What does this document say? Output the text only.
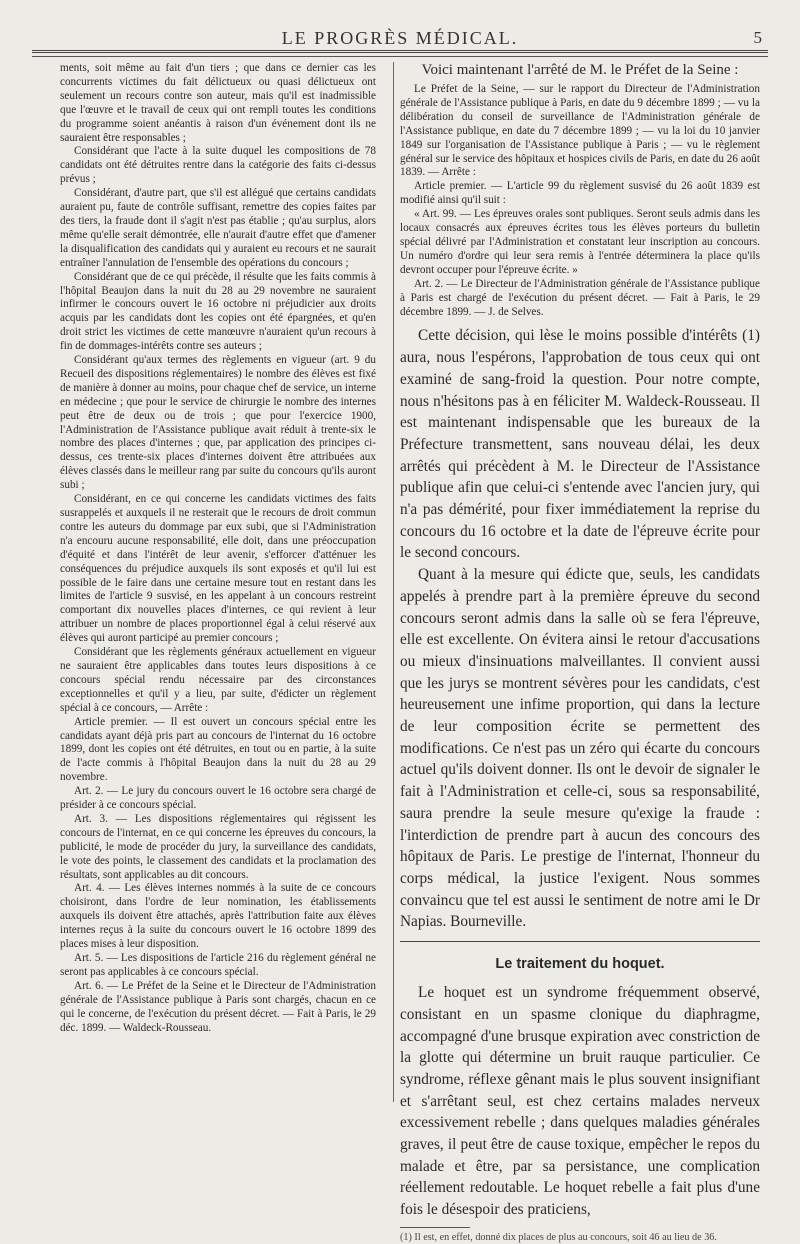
LE PROGRÈS MÉDICAL.	5

ments, soit même au fait d'un tiers ; que dans ce dernier cas les concurrents victimes du fait délictueux ou quasi délictueux ont seulement un recours contre son auteur, mais qu'il est inadmissible que l'œuvre et le travail de ceux qui ont rempli toutes les conditions du programme soient anéantis à raison d'un événement dont ils ne sauraient être responsables ;

Considérant que l'acte à la suite duquel les compositions de 78 candidats ont été détruites rentre dans la catégorie des faits ci-dessus prévus ;

Considérant, d'autre part, que s'il est allégué que certains candidats auraient pu, faute de contrôle suffisant, remettre des copies faites par des tiers, la fraude dont il s'agit n'est pas établie ; qu'au surplus, alors même qu'elle serait démontrée, elle n'aurait d'autre effet que d'amener la disqualification des candidats qui y auraient eu recours et ne saurait entraîner l'annulation de l'ensemble des opérations du concours ;

Considérant que de ce qui précède, il résulte que les faits commis à l'hôpital Beaujon dans la nuit du 28 au 29 novembre ne sauraient infirmer le concours ouvert le 16 octobre ni préjudicier aux droits acquis par les candidats dont les copies ont été épargnées, et qu'en droit strict les victimes de cette manœuvre n'auraient qu'un recours à fin de dommages-intérêts contre ses auteurs ;

Considérant qu'aux termes des règlements en vigueur (art. 9 du Recueil des dispositions réglementaires) le nombre des élèves est fixé de manière à donner au moins, pour chaque chef de service, un interne en médecine ; que pour le service de chirurgie le nombre des internes peut être de deux ou de trois ; que pour l'exercice 1900, l'Administration de l'Assistance publique avait réduit à trente-six le nombre des places d'internes ; que, par application des principes ci-dessus, ces trente-six places d'internes doivent être attribuées aux élèves classés dans le meilleur rang par suite du concours qu'ils auront subi ;

Considérant, en ce qui concerne les candidats victimes des faits susrappelés et auxquels il ne resterait que le recours de droit commun contre les auteurs du dommage par eux subi, que si l'Administration n'a encouru aucune responsabilité, elle doit, dans une préoccupation d'équité et dans l'intérêt de leur avenir, s'efforcer d'atténuer les conséquences du préjudice auxquels ils sont exposés et qu'il lui est possible de le faire dans une certaine mesure tout en restant dans les limites de l'article 9 susvisé, en les appelant à un concours restreint comportant dix nouvelles places d'internes, ce qui revient à leur attribuer un nombre de places proportionnel égal à celui réservé aux élèves qui auront participé au premier concours ;

Considérant que les règlements généraux actuellement en vigueur ne sauraient être applicables dans toutes leurs dispositions à ce concours spécial rendu nécessaire par des circonstances exceptionnelles et qu'il y a lieu, par suite, d'édicter un règlement spécial à ce concours, — Arrête :

Article premier. — Il est ouvert un concours spécial entre les candidats ayant déjà pris part au concours de l'internat du 16 octobre 1899, dont les copies ont été détruites, en tout ou en partie, à la suite de l'acte commis à l'hôpital Beaujon dans la nuit du 28 au 29 novembre.

Art. 2. — Le jury du concours ouvert le 16 octobre sera chargé de présider à ce concours spécial.

Art. 3. — Les dispositions réglementaires qui régissent les concours de l'internat, en ce qui concerne les épreuves du concours, la publicité, le mode de procéder du jury, la surveillance des candidats, le vote des points, le classement des candidats et la proclamation des résultats, sont applicables au dit concours.

Art. 4. — Les élèves internes nommés à la suite de ce concours choisiront, dans l'ordre de leur nomination, les établissements auxquels ils doivent être attachés, après l'attribution faite aux élèves internes reçus à la suite du concours ouvert le 16 octobre 1899 des places mises à leur disposition.

Art. 5. — Les dispositions de l'article 216 du règlement général ne seront pas applicables à ce concours spécial.

Art. 6. — Le Préfet de la Seine et le Directeur de l'Administration générale de l'Assistance publique à Paris sont chargés, chacun en ce qui le concerne, de l'exécution du présent décret. — Fait à Paris, le 29 déc. 1899. — Waldeck-Rousseau.

Voici maintenant l'arrêté de M. le Préfet de la Seine :

Le Préfet de la Seine, — sur le rapport du Directeur de l'Administration générale de l'Assistance publique à Paris, en date du 9 décembre 1899 ; — vu la délibération du conseil de surveillance de l'Administration générale de l'Assistance publique, en date du 7 décembre 1899 ; — vu la loi du 10 janvier 1849 sur l'organisation de l'Assistance publique à Paris ; — vu le règlement général sur le service des hôpitaux et hospices civils de Paris, en date du 26 août 1839. — Arrête :

Article premier. — L'article 99 du règlement susvisé du 26 août 1839 est modifié ainsi qu'il suit :

« Art. 99. — Les épreuves orales sont publiques. Seront seuls admis dans les locaux consacrés aux épreuves écrites tous les élèves porteurs du bulletin spécial délivré par l'Administration et constatant leur inscription au concours. Un numéro d'ordre qui leur sera remis à l'entrée déterminera la place qu'ils devront occuper pour l'épreuve écrite. »

Art. 2. — Le Directeur de l'Administration générale de l'Assistance publique à Paris est chargé de l'exécution du présent décret. — Fait à Paris, le 29 décembre 1899. — J. de Selves.

Cette décision, qui lèse le moins possible d'intérêts (1) aura, nous l'espérons, l'approbation de tous ceux qui ont examiné de sang-froid la question. Pour notre compte, nous n'hésitons pas à en féliciter M. Waldeck-Rousseau. Il est maintenant indispensable que les bureaux de la Préfecture transmettent, sans nouveau délai, les deux arrêtés qui précèdent à M. le Directeur de l'Assistance publique afin que celui-ci s'entende avec l'ancien jury, qui n'a pas démérité, pour fixer immédiatement la reprise du concours du 16 octobre et la date de l'épreuve écrite pour le second concours.

Quant à la mesure qui édicte que, seuls, les candidats appelés à prendre part à la première épreuve du second concours seront admis dans la salle où se fera l'épreuve, elle est excellente. On évitera ainsi le retour d'accusations ou mieux d'insinuations malveillantes. Il convient aussi que les jurys se montrent sévères pour les candidats, c'est heureusement une infime proportion, qui dans la lecture de leur composition écrite se permettent des modifications. Ce n'est pas un zéro qui écarte du concours actuel qu'ils doivent donner. Ils ont le devoir de signaler le fait à l'Administration et celle-ci, sous sa responsabilité, saura prendre la seule mesure qu'exige la fraude : l'interdiction de prendre part à aucun des concours des hôpitaux de Paris. Le prestige de l'internat, l'honneur du corps médical, la justice l'exigent. Nous sommes convaincu que tel est aussi le sentiment de notre ami le Dr Napias. Bourneville.

Le traitement du hoquet.

Le hoquet est un syndrome fréquemment observé, consistant en un spasme clonique du diaphragme, accompagné d'une brusque expiration avec constriction de la glotte qui détermine un bruit rauque particulier. Ce syndrome, réflexe gênant mais le plus souvent insignifiant et s'arrêtant seul, est chez certains malades nerveux excessivement rebelle ; dans quelques maladies générales graves, il peut être de cause toxique, empêcher le repos du malade et être, par sa persistance, une complication réellement redoutable. Le hoquet rebelle a fait plus d'une fois le désespoir des praticiens,

(1) Il est, en effet, donné dix places de plus au concours, soit 46 au lieu de 36.
